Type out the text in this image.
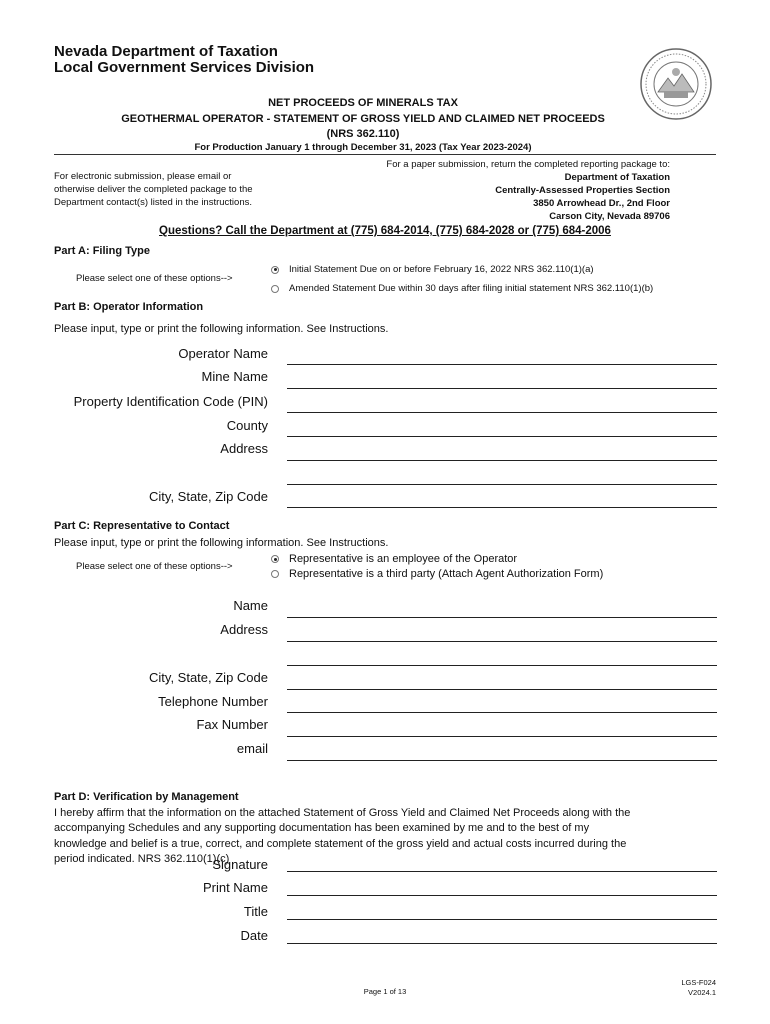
Nevada Department of Taxation
Local Government Services Division
NET PROCEEDS OF MINERALS TAX
GEOTHERMAL OPERATOR - STATEMENT OF GROSS YIELD AND CLAIMED NET PROCEEDS
(NRS 362.110)
For Production January 1 through December 31, 2023 (Tax Year 2023-2024)
For electronic submission, please email or
otherwise deliver the completed package to the
Department contact(s) listed in the instructions.
For a paper submission, return the completed reporting package to:
Department of Taxation
Centrally-Assessed Properties Section
3850 Arrowhead Dr., 2nd Floor
Carson City, Nevada 89706
Questions? Call the Department at (775) 684-2014, (775) 684-2028 or (775) 684-2006
Part A: Filing Type
Please select one of these options-->
Initial Statement Due on or before February 16, 2022 NRS 362.110(1)(a)
Amended Statement Due within 30 days after filing initial statement NRS 362.110(1)(b)
Part B: Operator Information
Please input, type or print the following information. See Instructions.
Operator Name
Mine Name
Property Identification Code (PIN)
County
Address
City, State, Zip Code
Part C: Representative to Contact
Please input, type or print the following information. See Instructions.
Please select one of these options-->
Representative is an employee of the Operator
Representative is a third party (Attach Agent Authorization Form)
Name
Address
City, State, Zip Code
Telephone Number
Fax Number
email
Part D: Verification by Management
I hereby affirm that the information on the attached Statement of Gross Yield and Claimed Net Proceeds along with the
accompanying Schedules and any supporting documentation has been examined by me and to the best of my
knowledge and belief is a true, correct, and complete statement of the gross yield and actual costs incurred during the
period indicated. NRS 362.110(1)(c)
Signature
Print Name
Title
Date
Page 1 of 13
LGS-F024
V2024.1
